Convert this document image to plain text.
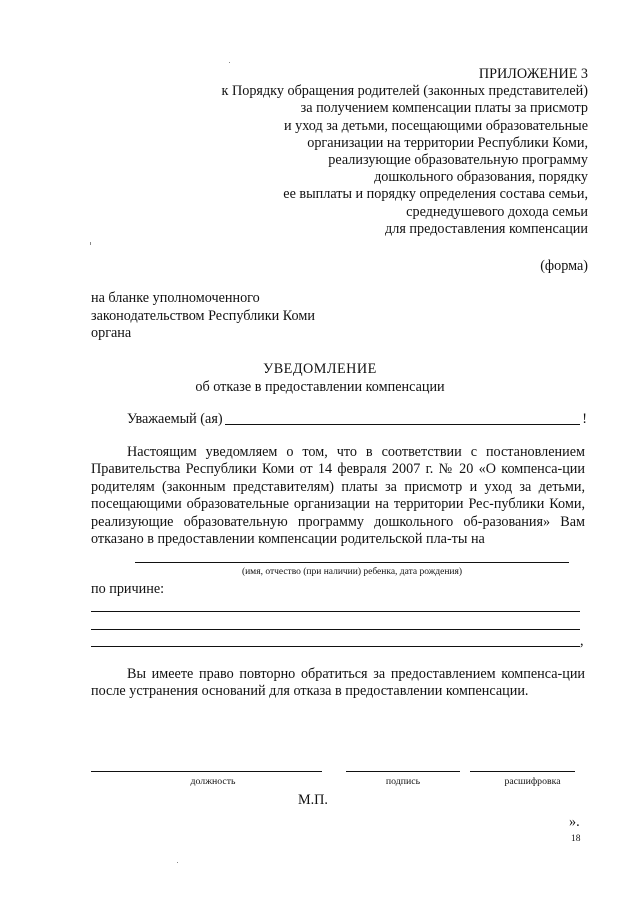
ПРИЛОЖЕНИЕ 3
к Порядку обращения родителей (законных представителей)
за получением компенсации платы за присмотр
и уход за детьми, посещающими образовательные
организации на территории Республики Коми,
реализующие образовательную программу
дошкольного образования, порядку
ее выплаты и порядку определения состава семьи,
среднедушевого дохода семьи
для предоставления компенсации
(форма)
на бланке уполномоченного
законодательством Республики Коми
органа
УВЕДОМЛЕНИЕ
об отказе в предоставлении компенсации
Уважаемый (ая)	!
Настоящим уведомляем о том, что в соответствии с постановлением Правительства Республики Коми от 14 февраля 2007 г. № 20 «О компенса-ции родителям (законным представителям) платы за присмотр и уход за детьми, посещающими образовательные организации на территории Рес-публики Коми, реализующие образовательную программу дошкольного об-разования» Вам отказано в предоставлении компенсации родительской пла-ты на
(имя, отчество (при наличии) ребенка, дата рождения)
по причине:
,
Вы имеете право повторно обратиться за предоставлением компенса-ции после устранения оснований для отказа в предоставлении компенсации.
должность	подпись	расшифровка
М.П.
».
18
